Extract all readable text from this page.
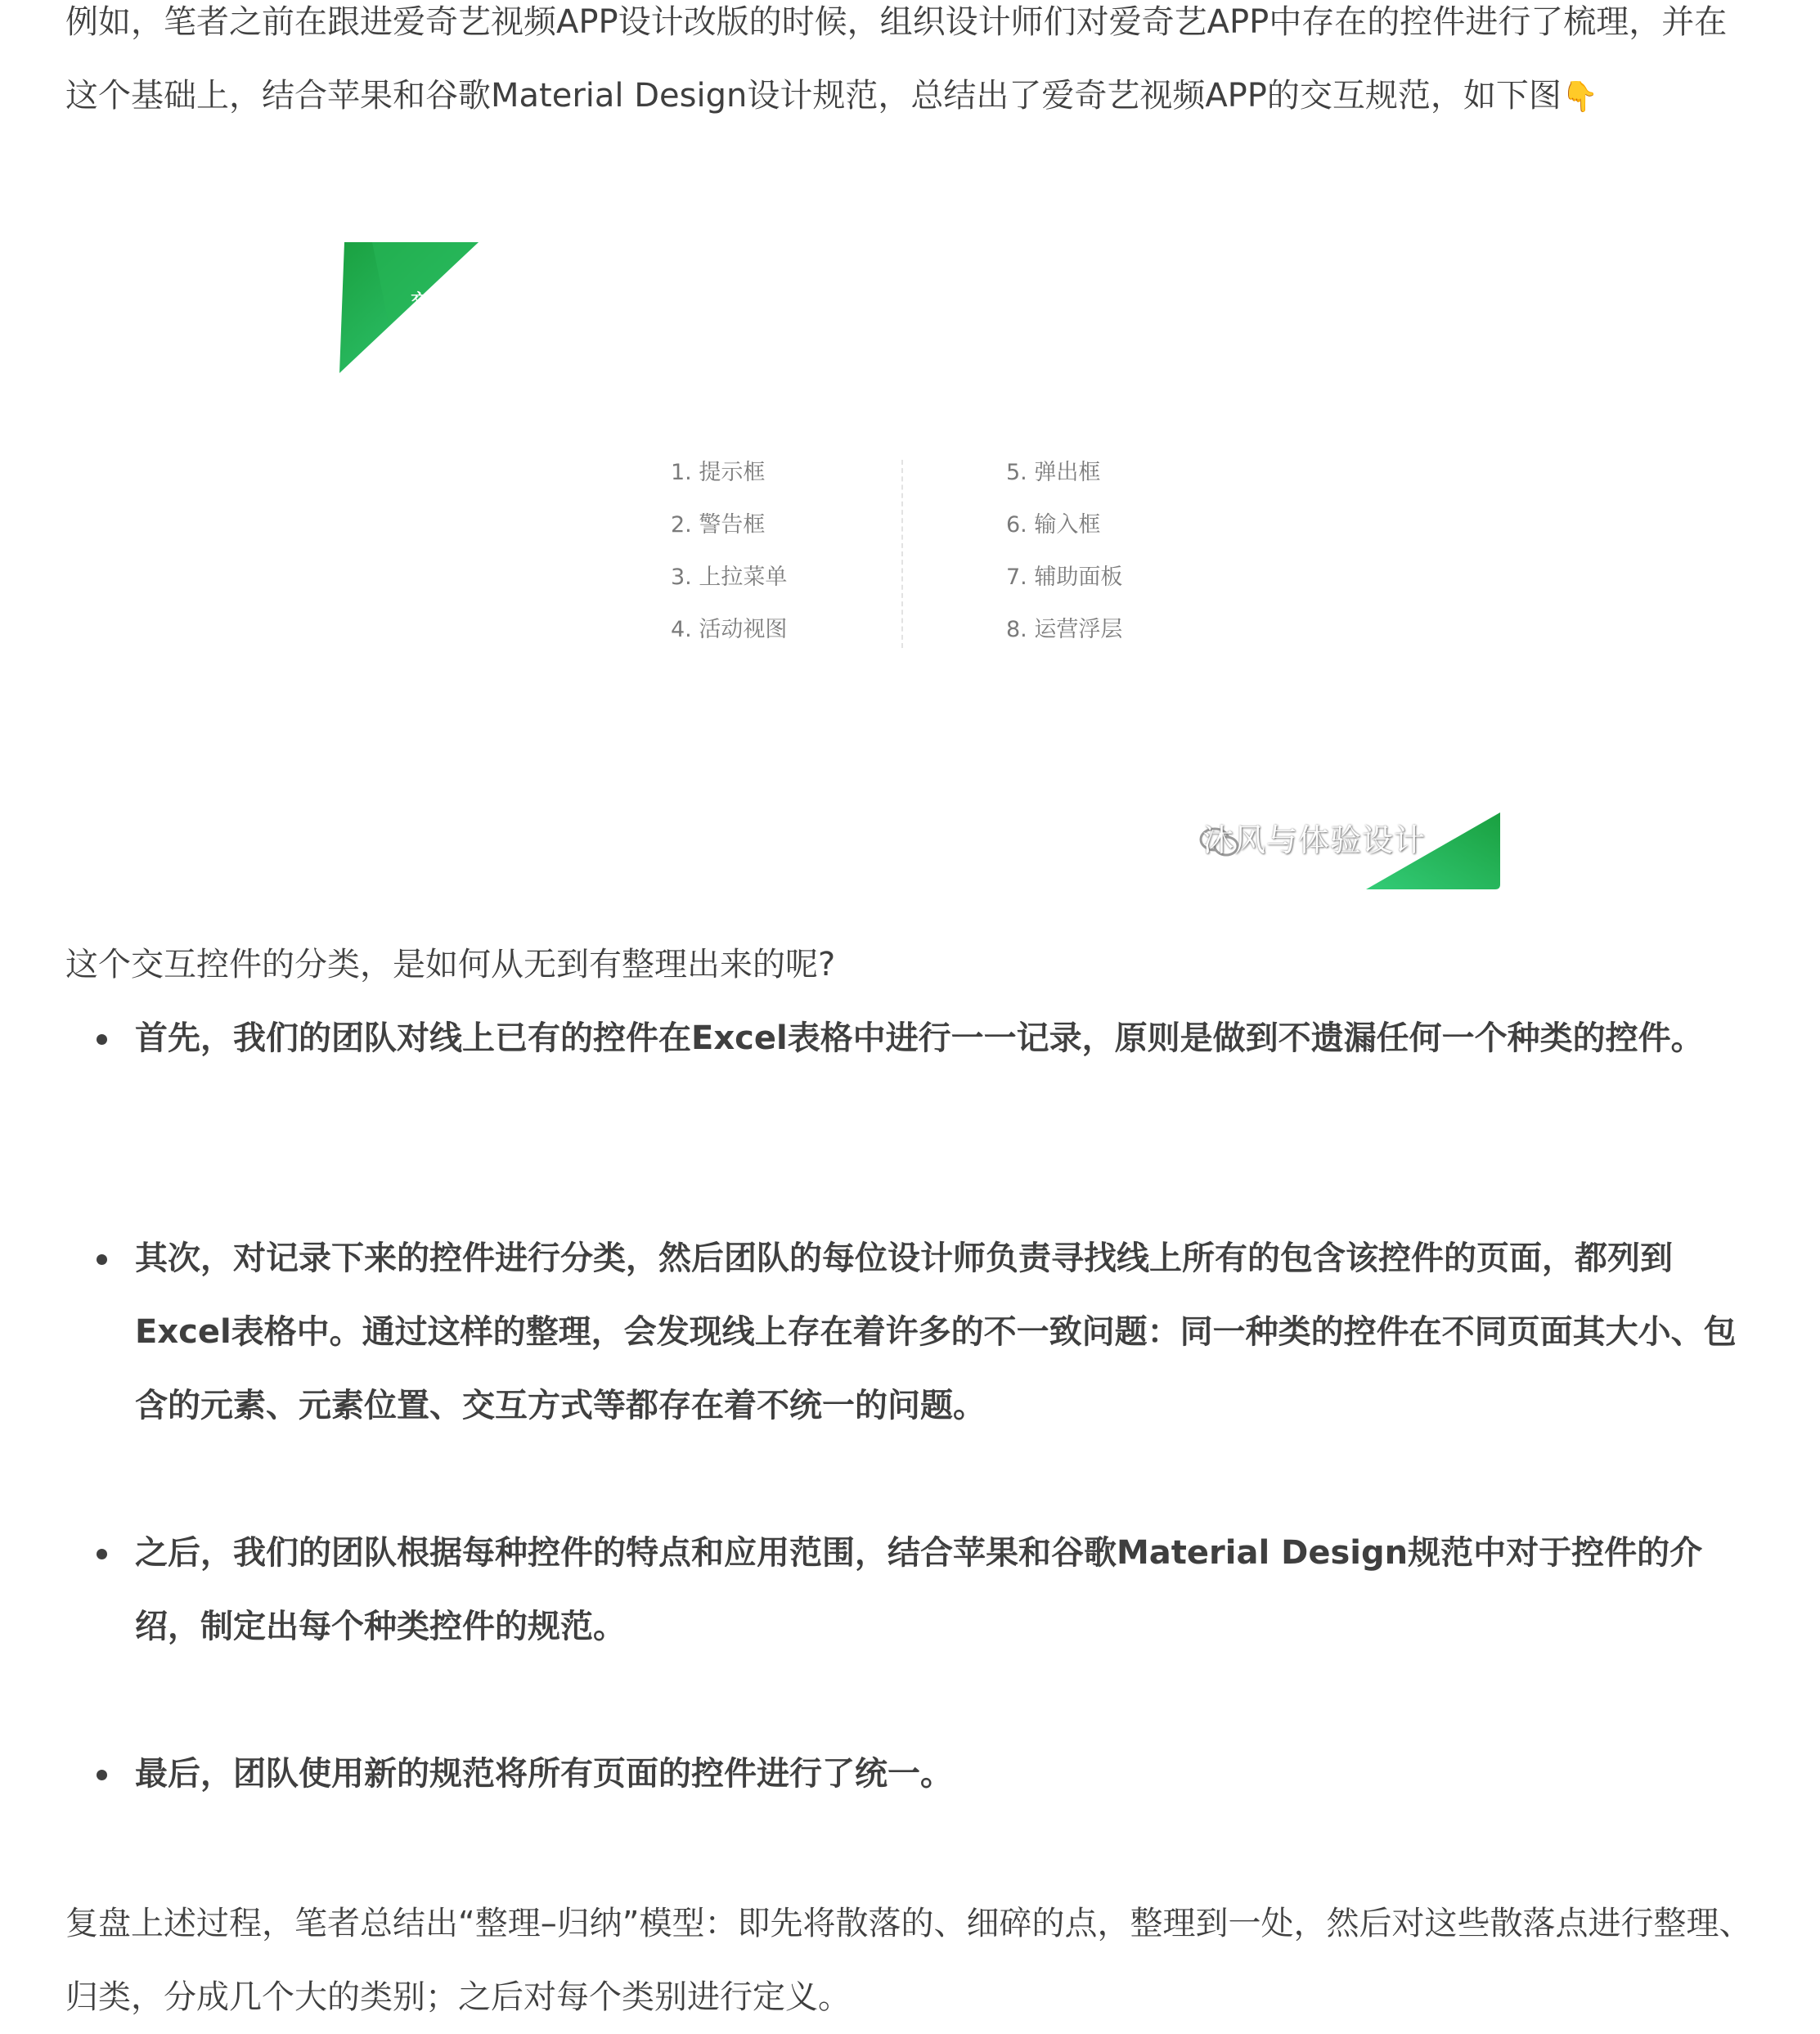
例如，笔者之前在跟进爱奇艺视频APP设计改版的时候，组织设计师们对爱奇艺APP中存在的控件进行了梳理，并在这个基础上，结合苹果和谷歌Material Design设计规范，总结出了爱奇艺视频APP的交互规范，如下图👇

交互控件
1. 提示框
2. 警告框
3. 上拉菜单
4. 活动视图
5. 弹出框
6. 输入框
7. 辅助面板
8. 运营浮层
沐风与体验设计

这个交互控件的分类，是如何从无到有整理出来的呢?

首先，我们的团队对线上已有的控件在Excel表格中进行一一记录，原则是做到不遗漏任何一个种类的控件。

其次，对记录下来的控件进行分类，然后团队的每位设计师负责寻找线上所有的包含该控件的页面，都列到Excel表格中。通过这样的整理，会发现线上存在着许多的不一致问题：同一种类的控件在不同页面其大小、包含的元素、元素位置、交互方式等都存在着不统一的问题。

之后，我们的团队根据每种控件的特点和应用范围，结合苹果和谷歌Material Design规范中对于控件的介绍，制定出每个种类控件的规范。

最后，团队使用新的规范将所有页面的控件进行了统一。

复盘上述过程，笔者总结出“整理–归纳”模型：即先将散落的、细碎的点，整理到一处，然后对这些散落点进行整理、归类，分成几个大的类别；之后对每个类别进行定义。
